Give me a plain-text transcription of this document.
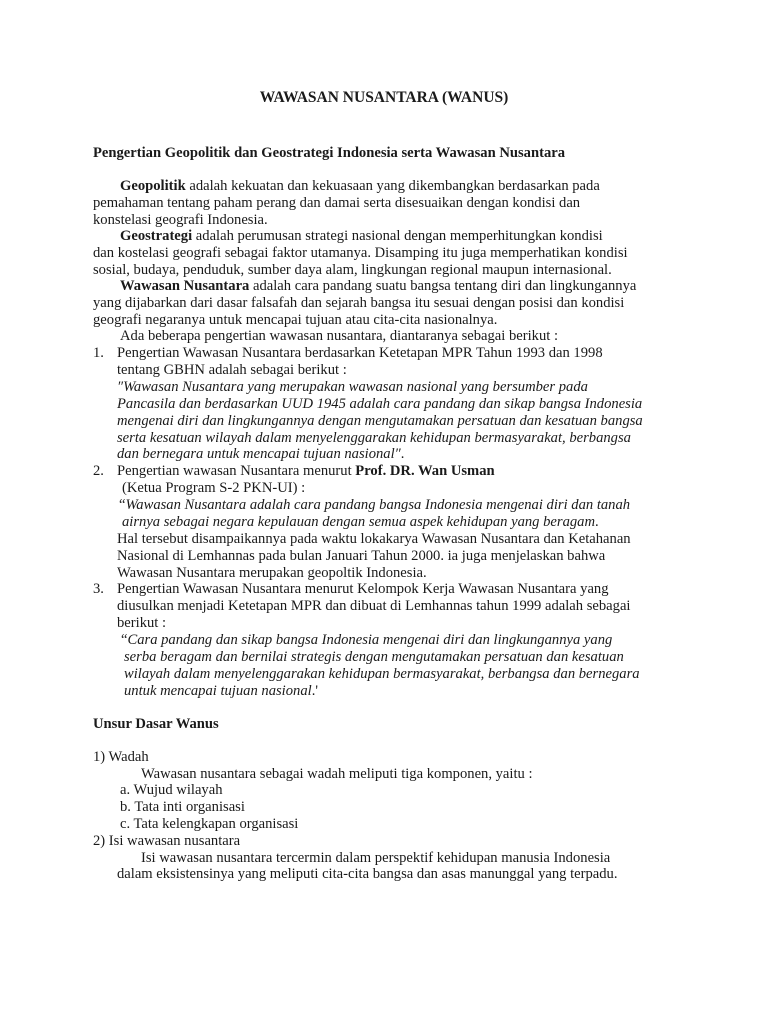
WAWASAN NUSANTARA (WANUS)
Pengertian Geopolitik dan Geostrategi Indonesia serta Wawasan Nusantara
Geopolitik adalah kekuatan dan kekuasaan yang dikembangkan berdasarkan pada
pemahaman tentang paham perang dan damai serta disesuaikan dengan kondisi dan
konstelasi geografi Indonesia.
Geostrategi adalah perumusan strategi nasional dengan memperhitungkan kondisi
dan kostelasi geografi sebagai faktor utamanya. Disamping itu juga memperhatikan kondisi
sosial, budaya, penduduk, sumber daya alam, lingkungan regional maupun internasional.
Wawasan Nusantara adalah cara pandang suatu bangsa tentang diri dan lingkungannya
yang dijabarkan dari dasar falsafah dan sejarah bangsa itu sesuai dengan posisi dan kondisi
geografi negaranya untuk mencapai tujuan atau cita-cita nasionalnya.
Ada beberapa pengertian wawasan nusantara, diantaranya sebagai berikut :
1. Pengertian Wawasan Nusantara berdasarkan Ketetapan MPR Tahun 1993 dan 1998
tentang GBHN adalah sebagai berikut :
″Wawasan Nusantara yang merupakan wawasan nasional yang bersumber pada
Pancasila dan berdasarkan UUD 1945 adalah cara pandang dan sikap bangsa Indonesia
mengenai diri dan lingkungannya dengan mengutamakan persatuan dan kesatuan bangsa
serta kesatuan wilayah dalam menyelenggarakan kehidupan bermasyarakat, berbangsa
dan bernegara untuk mencapai tujuan nasional″.
2. Pengertian wawasan Nusantara menurut Prof. DR. Wan Usman
(Ketua Program S-2 PKN-UI) :
“Wawasan Nusantara adalah cara pandang bangsa Indonesia mengenai diri dan tanah
airnya sebagai negara kepulauan dengan semua aspek kehidupan yang beragam.
Hal tersebut disampaikannya pada waktu lokakarya Wawasan Nusantara dan Ketahanan
Nasional di Lemhannas pada bulan Januari Tahun 2000. ia juga menjelaskan bahwa
Wawasan Nusantara merupakan geopoltik Indonesia.
3. Pengertian Wawasan Nusantara menurut Kelompok Kerja Wawasan Nusantara yang
diusulkan menjadi Ketetapan MPR dan dibuat di Lemhannas tahun 1999 adalah sebagai
berikut :
“Cara pandang dan sikap bangsa Indonesia mengenai diri dan lingkungannya yang
serba beragam dan bernilai strategis dengan mengutamakan persatuan dan kesatuan
wilayah dalam menyelenggarakan kehidupan bermasyarakat, berbangsa dan bernegara
untuk mencapai tujuan nasional.'
Unsur Dasar Wanus
1) Wadah
Wawasan nusantara sebagai wadah meliputi tiga komponen, yaitu :
a. Wujud wilayah
b. Tata inti organisasi
c. Tata kelengkapan organisasi
2) Isi wawasan nusantara
Isi wawasan nusantara tercermin dalam perspektif kehidupan manusia Indonesia
dalam eksistensinya yang meliputi cita-cita bangsa dan asas manunggal yang terpadu.
